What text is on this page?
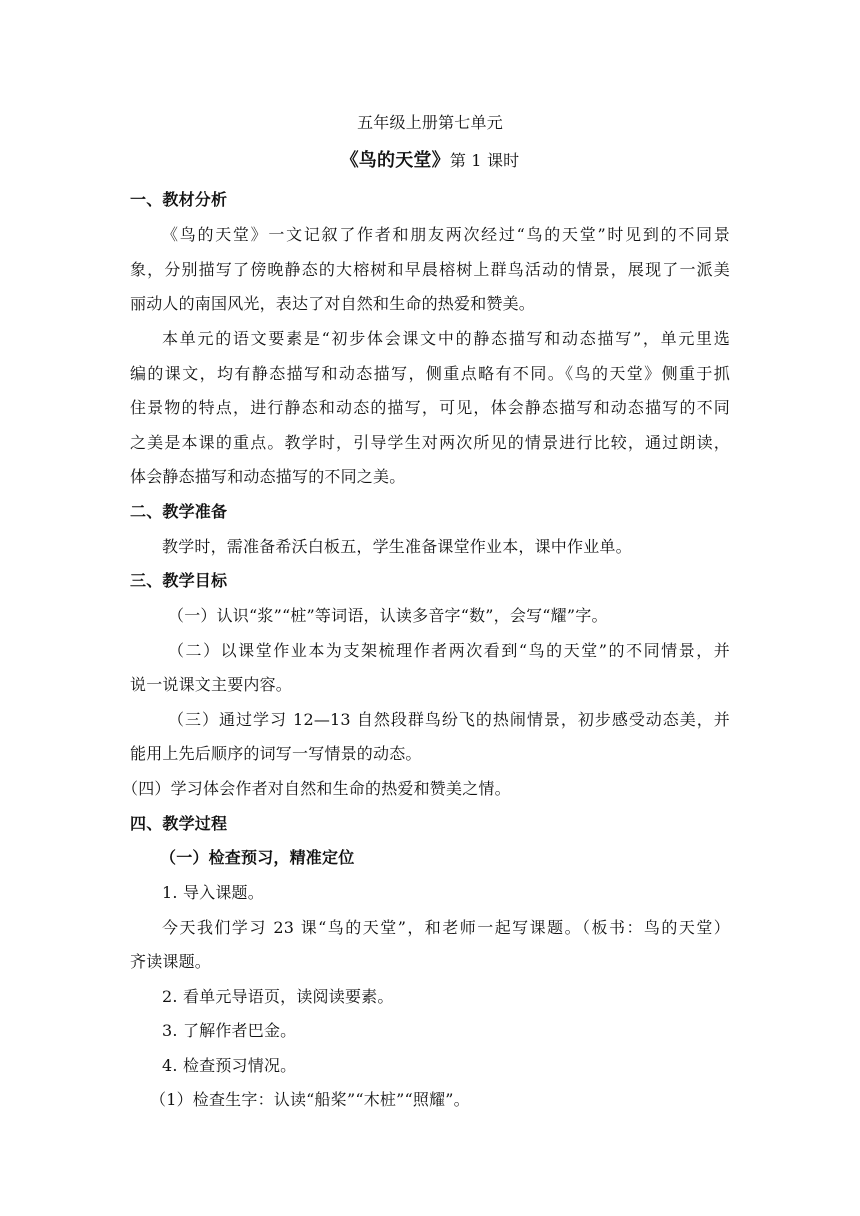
五年级上册第七单元
《鸟的天堂》第 1 课时
一、教材分析
《鸟的天堂》一文记叙了作者和朋友两次经过“鸟的天堂”时见到的不同景
象，分别描写了傍晚静态的大榕树和早晨榕树上群鸟活动的情景，展现了一派美
丽动人的南国风光，表达了对自然和生命的热爱和赞美。
本单元的语文要素是“初步体会课文中的静态描写和动态描写”，单元里选
编的课文，均有静态描写和动态描写，侧重点略有不同。《鸟的天堂》侧重于抓
住景物的特点，进行静态和动态的描写，可见，体会静态描写和动态描写的不同
之美是本课的重点。教学时，引导学生对两次所见的情景进行比较，通过朗读，
体会静态描写和动态描写的不同之美。
二、教学准备
教学时，需准备希沃白板五，学生准备课堂作业本，课中作业单。
三、教学目标
（一）认识“浆”“桩”等词语，认读多音字“数”，会写“耀”字。
（二）以课堂作业本为支架梳理作者两次看到“鸟的天堂”的不同情景，并
说一说课文主要内容。
（三）通过学习 12—13 自然段群鸟纷飞的热闹情景，初步感受动态美，并
能用上先后顺序的词写一写情景的动态。
（四）学习体会作者对自然和生命的热爱和赞美之情。
四、教学过程
（一）检查预习，精准定位
1. 导入课题。
今天我们学习 23 课“鸟的天堂”，和老师一起写课题。（板书：鸟的天堂）
齐读课题。
2. 看单元导语页，读阅读要素。
3. 了解作者巴金。
4. 检查预习情况。
（1）检查生字：认读“船桨”“木桩”“照耀”。
